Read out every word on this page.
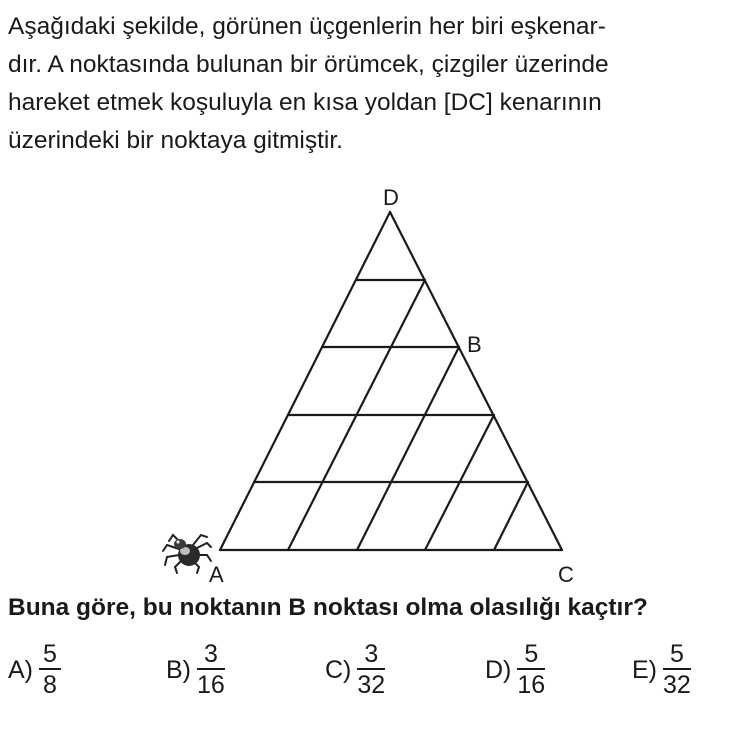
Aşağıdaki şekilde, görünen üçgenlerin her biri eşkenar-
dır. A noktasında bulunan bir örümcek, çizgiler üzerinde
hareket etmek koşuluyla en kısa yoldan [DC] kenarının
üzerindeki bir noktaya gitmiştir.
D
B
A	C

Buna göre, bu noktanın B noktası olma olasılığı kaçtır?

$A) \frac{5}{8}$	$B) \frac{3}{16}$	$C) \frac{3}{32}$	$D) \frac{5}{16}$	$E) \frac{5}{32}$
